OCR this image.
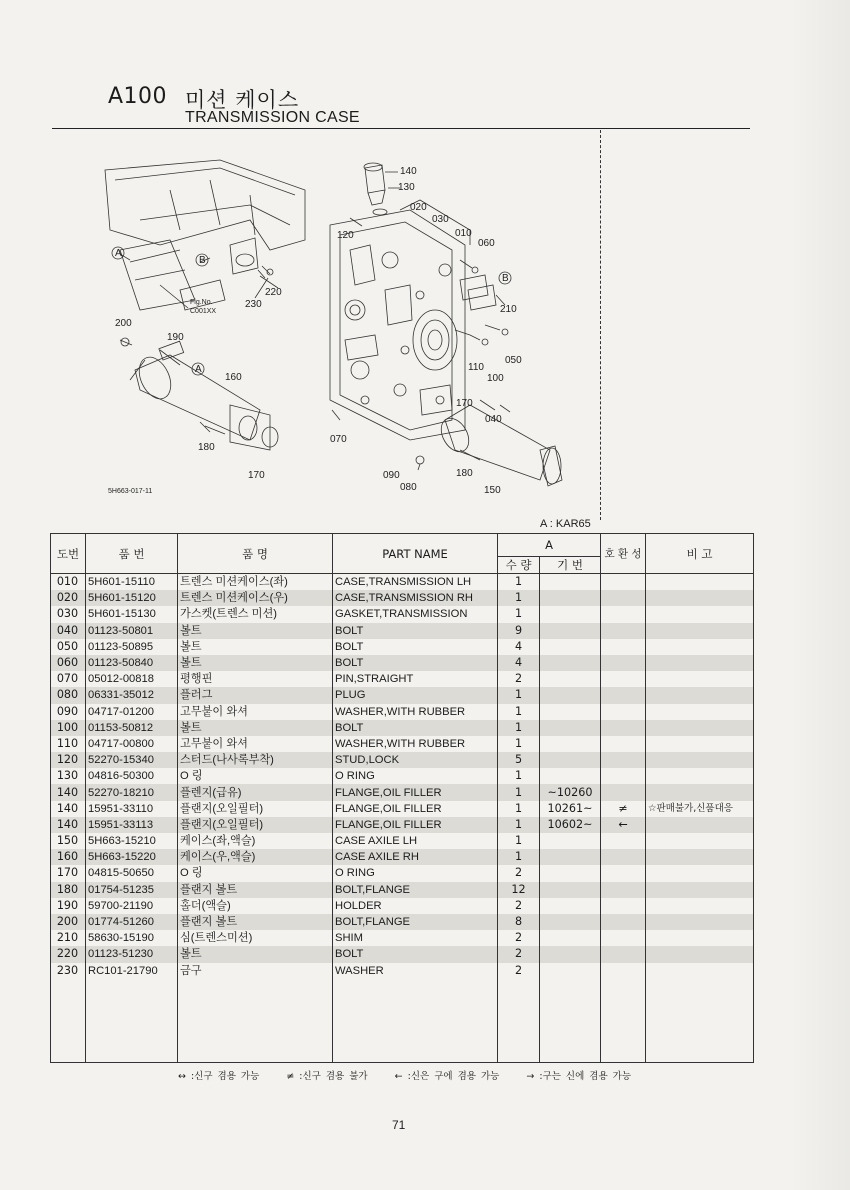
A100 미션 케이스
TRANSMISSION CASE
140
130
020
030
120	010
060
210
050
110
100
170
040
070
090
080
180
150
220
230
200
190
160
180
170
A
B
A
B
Fig.No.
C001XX
5H663-017-11
A : KAR65
도번	품 번	품 명	PART NAME	A		호 환 성	비 고
				수 량	기 번		
010	5H601-15110	트렌스 미션케이스(좌)	CASE,TRANSMISSION LH	1			
020	5H601-15120	트렌스 미션케이스(우)	CASE,TRANSMISSION RH	1			
030	5H601-15130	가스켓(트렌스 미션)	GASKET,TRANSMISSION	1			
040	01123-50801	볼트	BOLT	9			
050	01123-50895	볼트	BOLT	4			
060	01123-50840	볼트	BOLT	4			
070	05012-00818	평행핀	PIN,STRAIGHT	2			
080	06331-35012	플러그	PLUG	1			
090	04717-01200	고무붙이 와셔	WASHER,WITH RUBBER	1			
100	01153-50812	볼트	BOLT	1			
110	04717-00800	고무붙이 와셔	WASHER,WITH RUBBER	1			
120	52270-15340	스터드(나사록부착)	STUD,LOCK	5			
130	04816-50300	O 링	O RING	1			
140	52270-18210	플렌지(급유)	FLANGE,OIL FILLER	1	~10260		
140	15951-33110	플랜지(오일필터)	FLANGE,OIL FILLER	1	10261~	≠	☆판매불가,신품대응
140	15951-33113	플랜지(오일필터)	FLANGE,OIL FILLER	1	10602~	←	
150	5H663-15210	케이스(좌,액슬)	CASE AXILE LH	1			
160	5H663-15220	케이스(우,액슬)	CASE AXILE RH	1			
170	04815-50650	O 링	O RING	2			
180	01754-51235	플랜지 볼트	BOLT,FLANGE	12			
190	59700-21190	홀더(액슬)	HOLDER	2			
200	01774-51260	플랜지 볼트	BOLT,FLANGE	8			
210	58630-15190	심(트렌스미션)	SHIM	2			
220	01123-51230	볼트	BOLT	2			
230	RC101-21790	금구	WASHER	2			

↔ :신구 겸용 가능	≠ :신구 겸용 불가	← :신은 구에 겸용 가능	→ :구는 신에 겸용 가능
71
